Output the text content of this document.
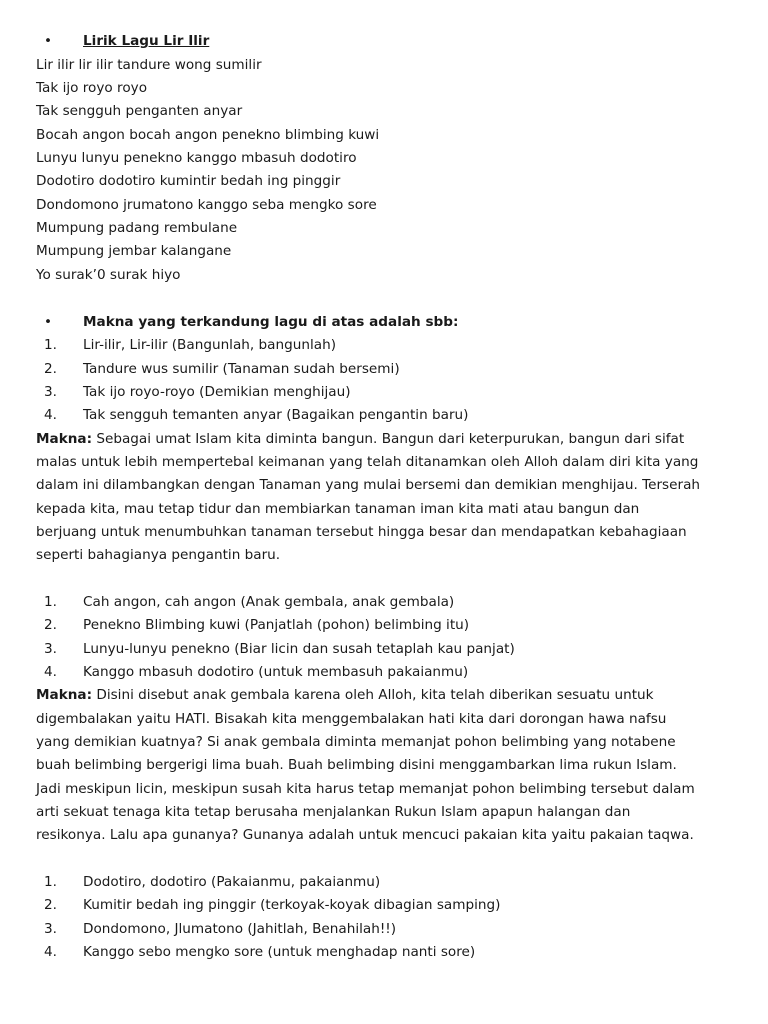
•	Lirik Lagu Lir Ilir
Lir ilir lir ilir tandure wong sumilir
Tak ijo royo royo
Tak sengguh penganten anyar
Bocah angon bocah angon penekno blimbing kuwi
Lunyu lunyu penekno kanggo mbasuh dodotiro
Dodotiro dodotiro kumintir bedah ing pinggir
Dondomono jrumatono kanggo seba mengko sore
Mumpung padang rembulane
Mumpung jembar kalangane
Yo surak’0 surak hiyo
•	Makna yang terkandung lagu di atas adalah sbb:
1.	Lir-ilir, Lir-ilir (Bangunlah, bangunlah)
2.	Tandure wus sumilir (Tanaman sudah bersemi)
3.	Tak ijo royo-royo (Demikian menghijau)
4.	Tak sengguh temanten anyar (Bagaikan pengantin baru)
Makna: Sebagai umat Islam kita diminta bangun. Bangun dari keterpurukan, bangun dari sifat
malas untuk lebih mempertebal keimanan yang telah ditanamkan oleh Alloh dalam diri kita yang
dalam ini dilambangkan dengan Tanaman yang mulai bersemi dan demikian menghijau. Terserah
kepada kita, mau tetap tidur dan membiarkan tanaman iman kita mati atau bangun dan
berjuang untuk menumbuhkan tanaman tersebut hingga besar dan mendapatkan kebahagiaan
seperti bahagianya pengantin baru.
1.	Cah angon, cah angon (Anak gembala, anak gembala)
2.	Penekno Blimbing kuwi (Panjatlah (pohon) belimbing itu)
3.	Lunyu-lunyu penekno (Biar licin dan susah tetaplah kau panjat)
4.	Kanggo mbasuh dodotiro (untuk membasuh pakaianmu)
Makna: Disini disebut anak gembala karena oleh Alloh, kita telah diberikan sesuatu untuk
digembalakan yaitu HATI. Bisakah kita menggembalakan hati kita dari dorongan hawa nafsu
yang demikian kuatnya? Si anak gembala diminta memanjat pohon belimbing yang notabene
buah belimbing bergerigi lima buah. Buah belimbing disini menggambarkan lima rukun Islam.
Jadi meskipun licin, meskipun susah kita harus tetap memanjat pohon belimbing tersebut dalam
arti sekuat tenaga kita tetap berusaha menjalankan Rukun Islam apapun halangan dan
resikonya. Lalu apa gunanya? Gunanya adalah untuk mencuci pakaian kita yaitu pakaian taqwa.
1.	Dodotiro, dodotiro (Pakaianmu, pakaianmu)
2.	Kumitir bedah ing pinggir (terkoyak-koyak dibagian samping)
3.	Dondomono, Jlumatono (Jahitlah, Benahilah!!)
4.	Kanggo sebo mengko sore (untuk menghadap nanti sore)
